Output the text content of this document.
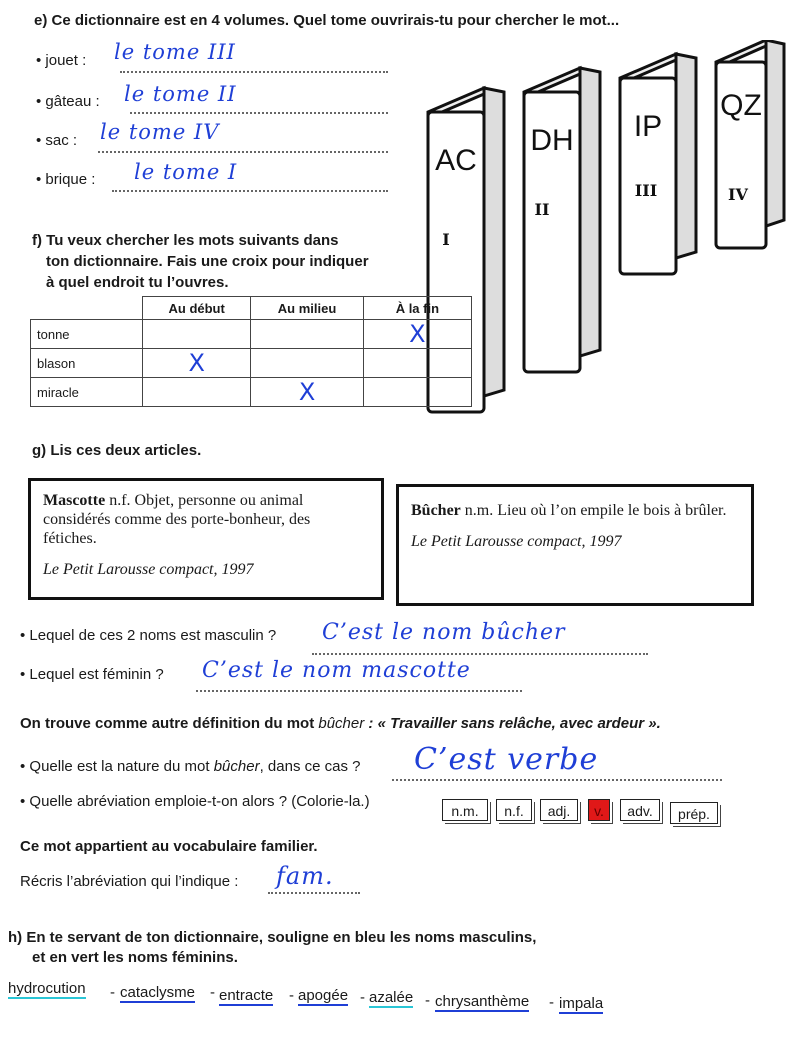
e) Ce dictionnaire est en 4 volumes. Quel tome ouvrirais-tu pour chercher le mot...
• jouet : le tome III
• gâteau : le tome II
• sac : le tome IV
• brique : le tome I	AC
I
DH
II
IP
III
QZ
IV
f) Tu veux chercher les mots suivants dans
ton dictionnaire. Fais une croix pour indiquer
à quel endroit tu l’ouvres.
	Au début	Au milieu	À la fin
tonne			X
blason	X		
miracle		X	
g) Lis ces deux articles.
Mascotte n.f. Objet, personne ou animal considérés comme des porte-bonheur, des fétiches.
Le Petit Larousse compact, 1997
Bûcher n.m. Lieu où l’on empile le bois à brûler.
Le Petit Larousse compact, 1997
• Lequel de ces 2 noms est masculin ? C’est le nom bûcher
• Lequel est féminin ? C’est le nom mascotte
On trouve comme autre définition du mot bûcher : « Travailler sans relâche, avec ardeur ».
• Quelle est la nature du mot bûcher, dans ce cas ? C’est verbe
• Quelle abréviation emploie-t-on alors ? (Colorie-la.)
n.m.	n.f.	adj.	v.	adv.	prép.
Ce mot appartient au vocabulaire familier.
Récris l’abréviation qui l’indique : fam.
h) En te servant de ton dictionnaire, souligne en bleu les noms masculins,
et en vert les noms féminins.
hydrocution - cataclysme - entracte - apogée - azalée - chrysanthème - impala
